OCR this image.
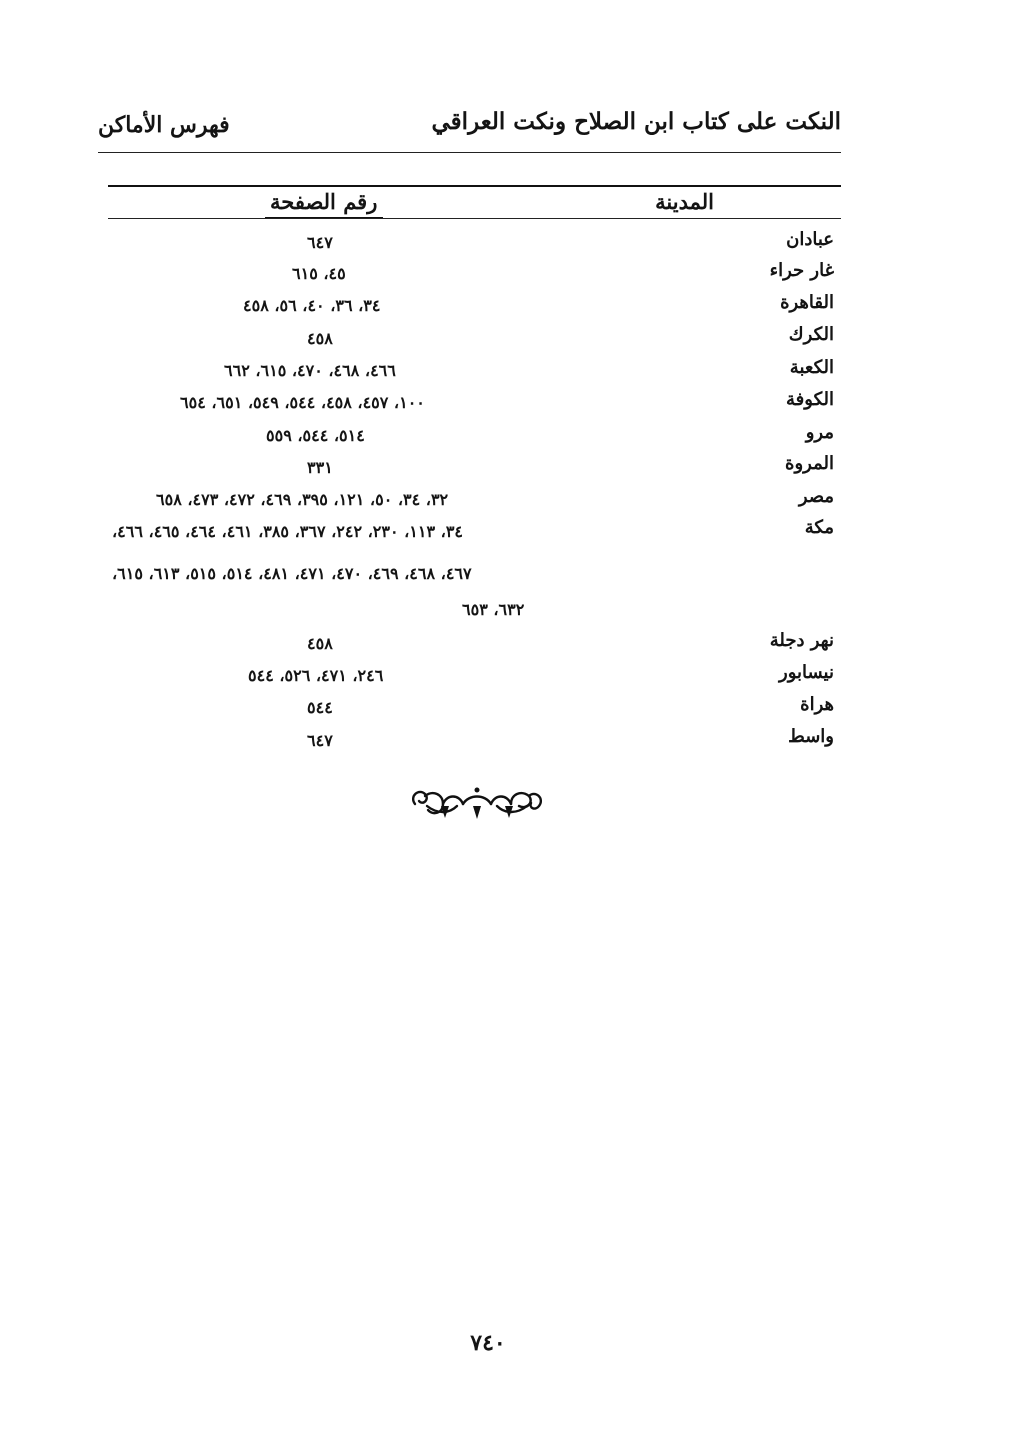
النكت على كتاب ابن الصلاح ونكت العراقي
فهرس الأماكن
المدينة
رقم الصفحة
عبادان
٦٤٧
غار حراء
٤٥، ٦١٥
القاهرة
٣٤، ٣٦، ٤٠، ٥٦، ٤٥٨
الكرك
٤٥٨
الكعبة
٤٦٦، ٤٦٨، ٤٧٠، ٦١٥، ٦٦٢
الكوفة
١٠٠، ٤٥٧، ٤٥٨، ٥٤٤، ٥٤٩، ٦٥١، ٦٥٤
مرو
٥١٤، ٥٤٤، ٥٥٩
المروة
٣٣١
مصر
٣٢، ٣٤، ٥٠، ١٢١، ٣٩٥، ٤٦٩، ٤٧٢، ٤٧٣، ٦٥٨
مكة
٣٤، ١١٣، ٢٣٠، ٢٤٢، ٣٦٧، ٣٨٥، ٤٦١، ٤٦٤، ٤٦٥، ٤٦٦،
٤٦٧، ٤٦٨، ٤٦٩، ٤٧٠، ٤٧١، ٤٨١، ٥١٤، ٥١٥، ٦١٣، ٦١٥،
٦٣٢، ٦٥٣
نهر دجلة
٤٥٨
نيسابور
٢٤٦، ٤٧١، ٥٢٦، ٥٤٤
هراة
٥٤٤
واسط
٦٤٧
٧٤٠
